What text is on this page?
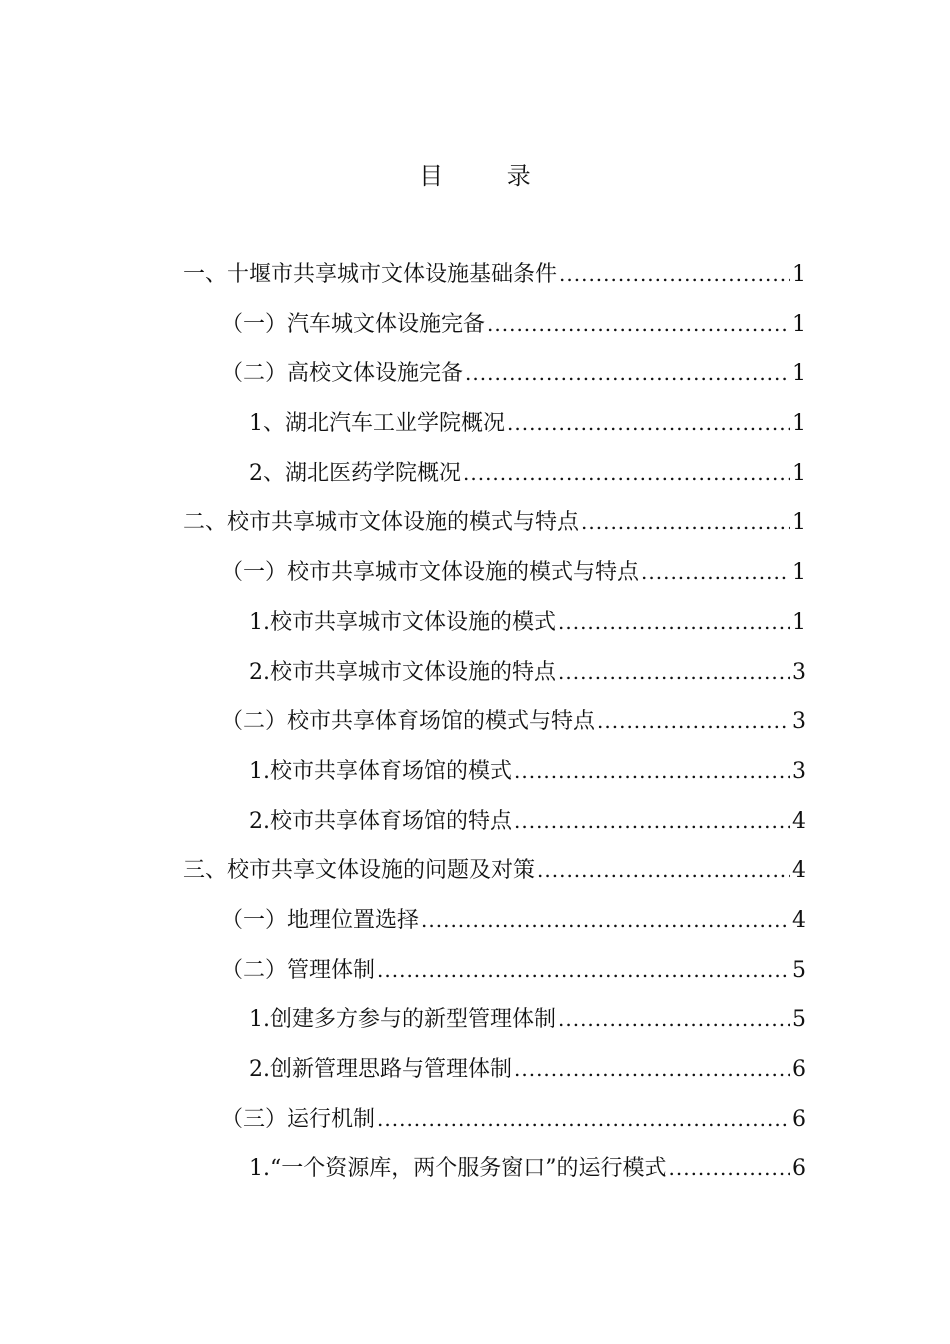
目 录
一、十堰市共享城市文体设施基础条件 .....	1
（一）汽车城文体设施完备 .....	1
（二）高校文体设施完备 .....	1
1、湖北汽车工业学院概况 .....	1
2、湖北医药学院概况 .....	1
二、校市共享城市文体设施的模式与特点 .....	1
（一）校市共享城市文体设施的模式与特点 .....	1
1.校市共享城市文体设施的模式 .....	1
2.校市共享城市文体设施的特点 .....	3
（二）校市共享体育场馆的模式与特点 .....	3
1.校市共享体育场馆的模式 .....	3
2.校市共享体育场馆的特点 .....	4
三、校市共享文体设施的问题及对策 .....	4
（一）地理位置选择 .....	4
（二）管理体制 .....	5
1.创建多方参与的新型管理体制 .....	5
2.创新管理思路与管理体制 .....	6
（三）运行机制 .....	6
1.“一个资源库，两个服务窗口”的运行模式 .....	6
